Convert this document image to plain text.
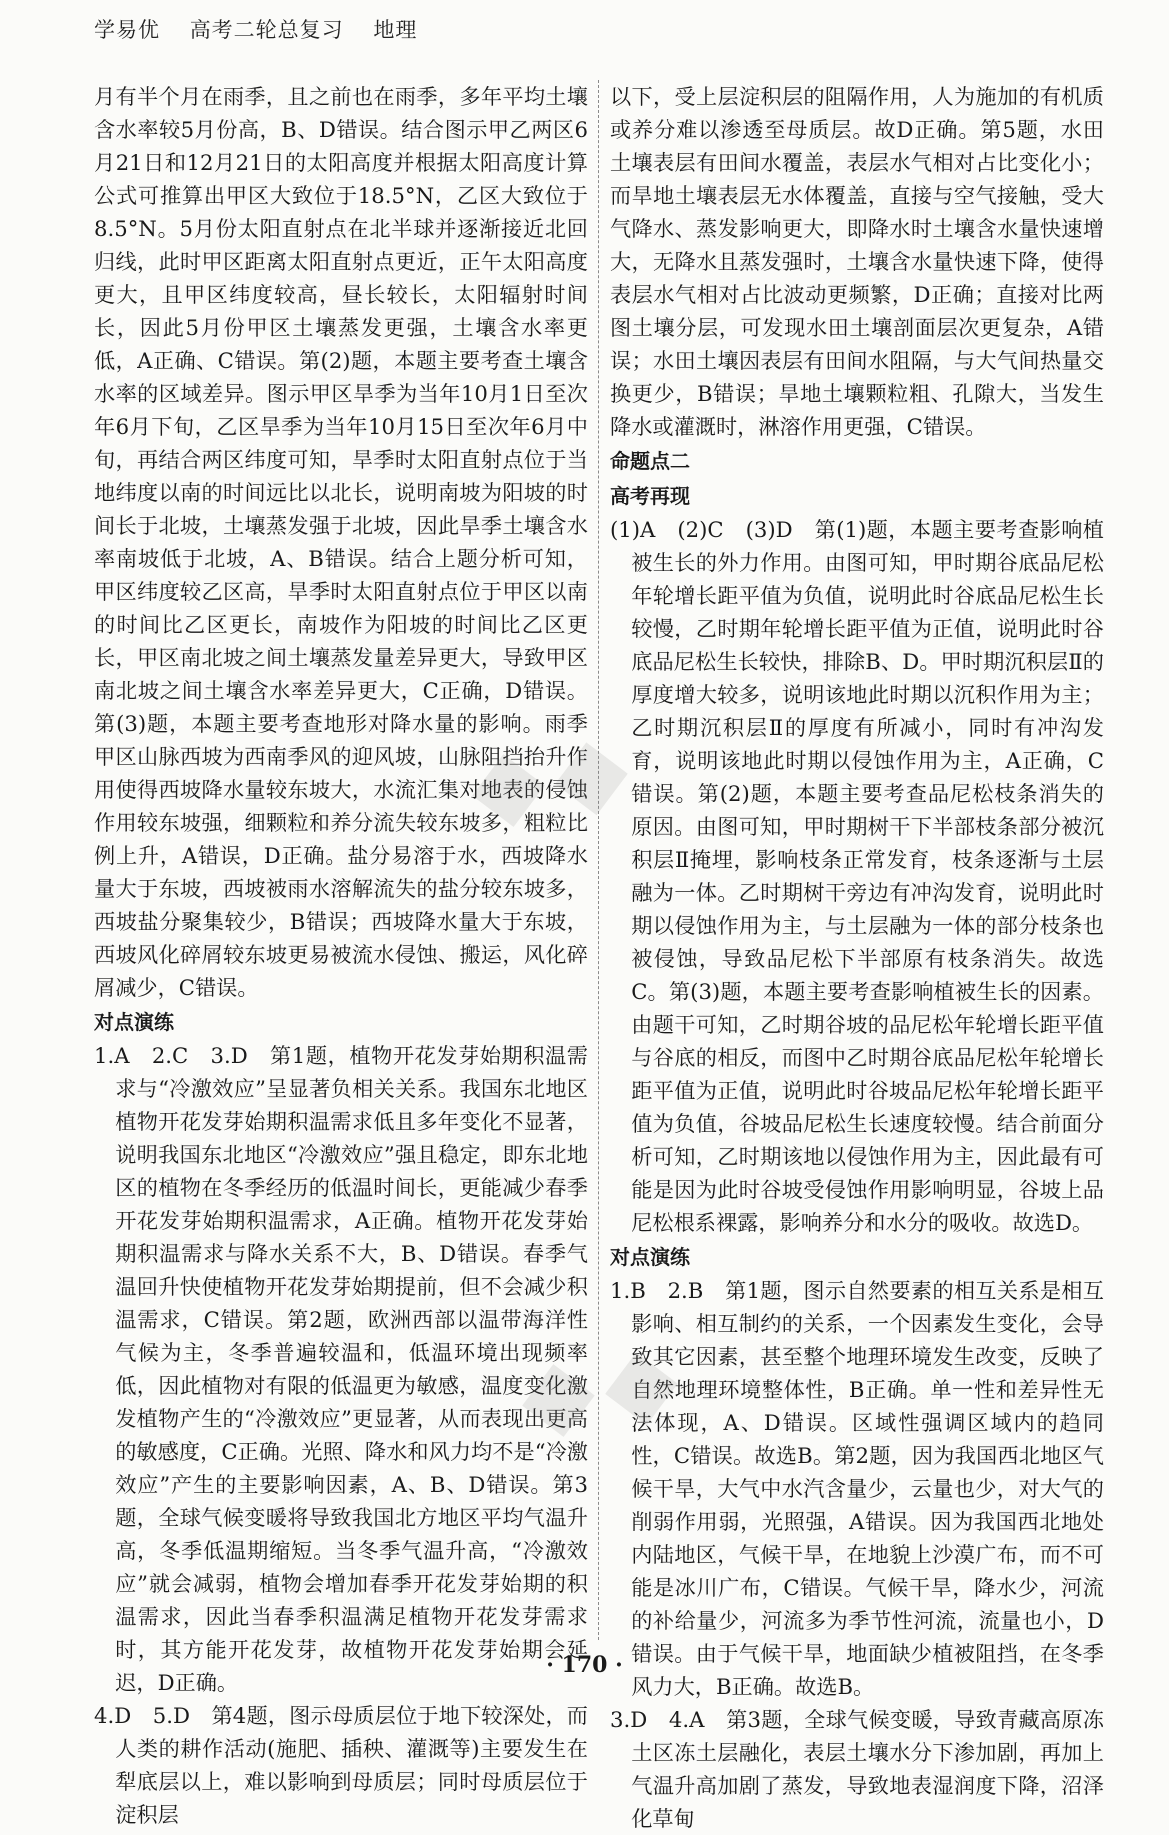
学易优 高考二轮总复习 地理

月有半个月在雨季，且之前也在雨季，多年平均土壤含水率较5月份高，B、D错误。结合图示甲乙两区6月21日和12月21日的太阳高度并根据太阳高度计算公式可推算出甲区大致位于18.5°N，乙区大致位于8.5°N。5月份太阳直射点在北半球并逐渐接近北回归线，此时甲区距离太阳直射点更近，正午太阳高度更大，且甲区纬度较高，昼长较长，太阳辐射时间长，因此5月份甲区土壤蒸发更强，土壤含水率更低，A正确、C错误。第(2)题，本题主要考查土壤含水率的区域差异。图示甲区旱季为当年10月1日至次年6月下旬，乙区旱季为当年10月15日至次年6月中旬，再结合两区纬度可知，旱季时太阳直射点位于当地纬度以南的时间远比以北长，说明南坡为阳坡的时间长于北坡，土壤蒸发强于北坡，因此旱季土壤含水率南坡低于北坡，A、B错误。结合上题分析可知，甲区纬度较乙区高，旱季时太阳直射点位于甲区以南的时间比乙区更长，南坡作为阳坡的时间比乙区更长，甲区南北坡之间土壤蒸发量差异更大，导致甲区南北坡之间土壤含水率差异更大，C正确，D错误。第(3)题，本题主要考查地形对降水量的影响。雨季甲区山脉西坡为西南季风的迎风坡，山脉阻挡抬升作用使得西坡降水量较东坡大，水流汇集对地表的侵蚀作用较东坡强，细颗粒和养分流失较东坡多，粗粒比例上升，A错误，D正确。盐分易溶于水，西坡降水量大于东坡，西坡被雨水溶解流失的盐分较东坡多，西坡盐分聚集较少，B错误；西坡降水量大于东坡，西坡风化碎屑较东坡更易被流水侵蚀、搬运，风化碎屑减少，C错误。

对点演练

1.A　2.C　3.D　第1题，植物开花发芽始期积温需求与“冷激效应”呈显著负相关关系。我国东北地区植物开花发芽始期积温需求低且多年变化不显著，说明我国东北地区“冷激效应”强且稳定，即东北地区的植物在冬季经历的低温时间长，更能减少春季开花发芽始期积温需求，A正确。植物开花发芽始期积温需求与降水关系不大，B、D错误。春季气温回升快使植物开花发芽始期提前，但不会减少积温需求，C错误。第2题，欧洲西部以温带海洋性气候为主，冬季普遍较温和，低温环境出现频率低，因此植物对有限的低温更为敏感，温度变化激发植物产生的“冷激效应”更显著，从而表现出更高的敏感度，C正确。光照、降水和风力均不是“冷激效应”产生的主要影响因素，A、B、D错误。第3题，全球气候变暖将导致我国北方地区平均气温升高，冬季低温期缩短。当冬季气温升高，“冷激效应”就会减弱，植物会增加春季开花发芽始期的积温需求，因此当春季积温满足植物开花发芽需求时，其方能开花发芽，故植物开花发芽始期会延迟，D正确。

4.D　5.D　第4题，图示母质层位于地下较深处，而人类的耕作活动(施肥、插秧、灌溉等)主要发生在犁底层以上，难以影响到母质层；同时母质层位于淀积层

以下，受上层淀积层的阻隔作用，人为施加的有机质或养分难以渗透至母质层。故D正确。第5题，水田土壤表层有田间水覆盖，表层水气相对占比变化小；而旱地土壤表层无水体覆盖，直接与空气接触，受大气降水、蒸发影响更大，即降水时土壤含水量快速增大，无降水且蒸发强时，土壤含水量快速下降，使得表层水气相对占比波动更频繁，D正确；直接对比两图土壤分层，可发现水田土壤剖面层次更复杂，A错误；水田土壤因表层有田间水阻隔，与大气间热量交换更少，B错误；旱地土壤颗粒粗、孔隙大，当发生降水或灌溉时，淋溶作用更强，C错误。

命题点二
高考再现

(1)A　(2)C　(3)D　第(1)题，本题主要考查影响植被生长的外力作用。由图可知，甲时期谷底品尼松年轮增长距平值为负值，说明此时谷底品尼松生长较慢，乙时期年轮增长距平值为正值，说明此时谷底品尼松生长较快，排除B、D。甲时期沉积层Ⅱ的厚度增大较多，说明该地此时期以沉积作用为主；乙时期沉积层Ⅱ的厚度有所减小，同时有冲沟发育，说明该地此时期以侵蚀作用为主，A正确，C错误。第(2)题，本题主要考查品尼松枝条消失的原因。由图可知，甲时期树干下半部枝条部分被沉积层Ⅱ掩埋，影响枝条正常发育，枝条逐渐与土层融为一体。乙时期树干旁边有冲沟发育，说明此时期以侵蚀作用为主，与土层融为一体的部分枝条也被侵蚀，导致品尼松下半部原有枝条消失。故选C。第(3)题，本题主要考查影响植被生长的因素。由题干可知，乙时期谷坡的品尼松年轮增长距平值与谷底的相反，而图中乙时期谷底品尼松年轮增长距平值为正值，说明此时谷坡品尼松年轮增长距平值为负值，谷坡品尼松生长速度较慢。结合前面分析可知，乙时期该地以侵蚀作用为主，因此最有可能是因为此时谷坡受侵蚀作用影响明显，谷坡上品尼松根系裸露，影响养分和水分的吸收。故选D。

对点演练

1.B　2.B　第1题，图示自然要素的相互关系是相互影响、相互制约的关系，一个因素发生变化，会导致其它因素，甚至整个地理环境发生改变，反映了自然地理环境整体性，B正确。单一性和差异性无法体现，A、D错误。区域性强调区域内的趋同性，C错误。故选B。第2题，因为我国西北地区气候干旱，大气中水汽含量少，云量也少，对大气的削弱作用弱，光照强，A错误。因为我国西北地处内陆地区，气候干旱，在地貌上沙漠广布，而不可能是冰川广布，C错误。气候干旱，降水少，河流的补给量少，河流多为季节性河流，流量也小，D错误。由于气候干旱，地面缺少植被阻挡，在冬季风力大，B正确。故选B。

3.D　4.A　第3题，全球气候变暖，导致青藏高原冻土区冻土层融化，表层土壤水分下渗加剧，再加上气温升高加剧了蒸发，导致地表湿润度下降，沼泽化草甸

◆◆
◆◆
· 170 ·
